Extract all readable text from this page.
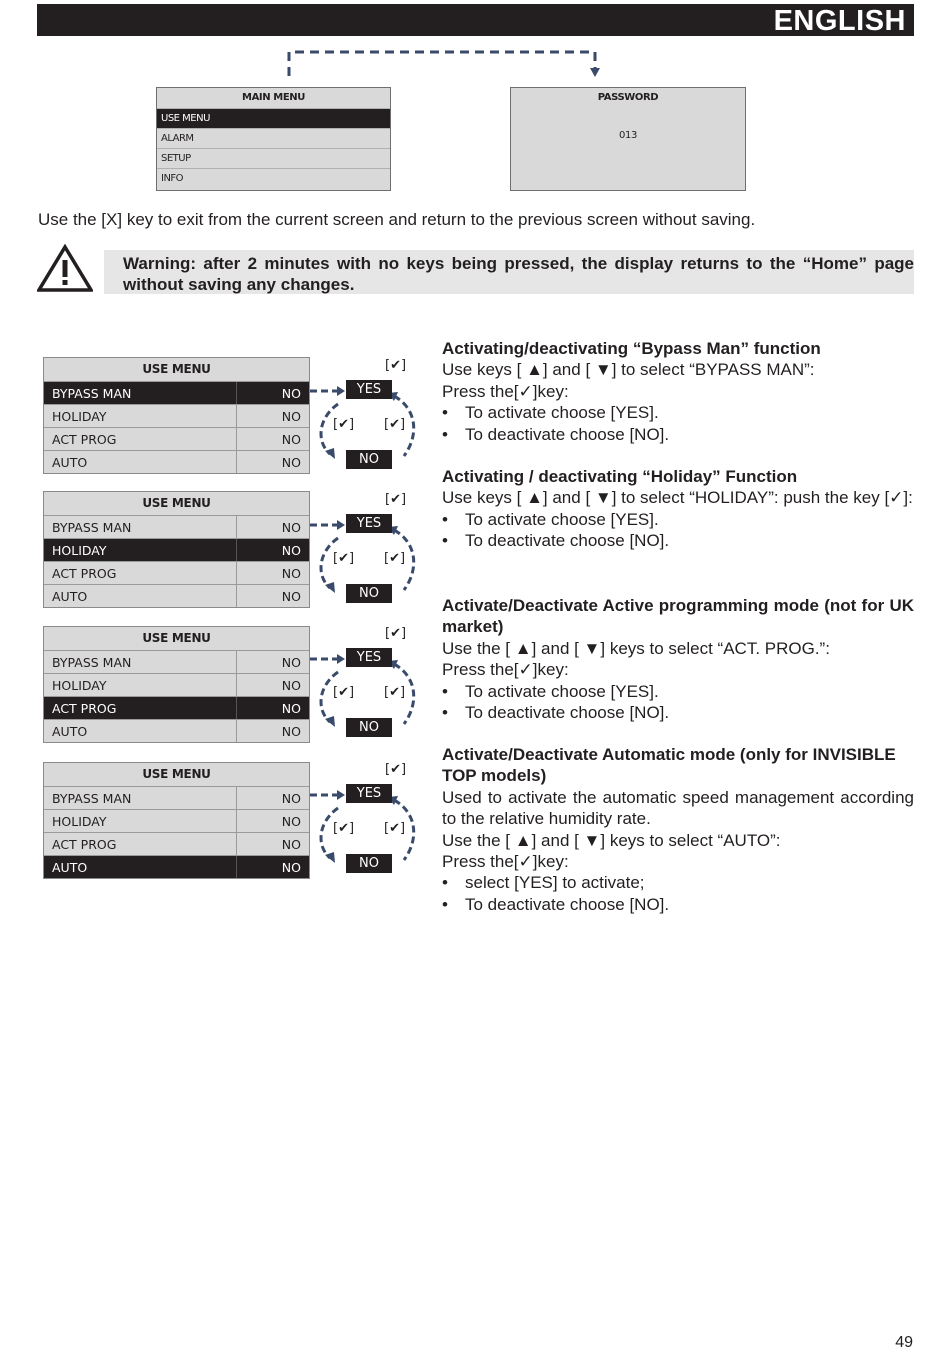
ENGLISH
MAIN MENU
USE MENU
ALARM
SETUP
INFO
PASSWORD
013
Use the [X] key to exit from the current screen and return to the previous screen without saving.

Warning: after 2 minutes with no keys being pressed, the display returns to the “Home” page without saving any changes.

USE MENU
BYPASS MAN	NO
HOLIDAY	NO
ACT PROG	NO
AUTO	NO
USE MENU
BYPASS MAN	NO
HOLIDAY	NO
ACT PROG	NO
AUTO	NO
USE MENU
BYPASS MAN	NO
HOLIDAY	NO
ACT PROG	NO
AUTO	NO
USE MENU
BYPASS MAN	NO
HOLIDAY	NO
ACT PROG	NO
AUTO	NO
[✔]
YES
[✔] [✔]
NO
[✔]
YES
[✔] [✔]
NO
[✔]
YES
[✔] [✔]
NO
[✔]
YES
[✔] [✔]
NO
Activating/deactivating “Bypass Man” function

Use keys [ ▲] and [ ▼] to select “BYPASS MAN”:

Press the[✓]key:

• To activate choose [YES].
• To deactivate choose [NO].
Activating / deactivating “Holiday” Function

Use keys [ ▲] and [ ▼] to select “HOLIDAY”: push the key [✓]:

• To activate choose [YES].
• To deactivate choose [NO].
Activate/Deactivate Active programming mode (not for UK market)

Use the [ ▲] and [ ▼] keys to select “ACT. PROG.”:

Press the[✓]key:

• To activate choose [YES].
• To deactivate choose [NO].
Activate/Deactivate Automatic mode (only for INVISIBLE TOP models)

Used to activate the automatic speed management according to the relative humidity rate.

Use the [ ▲] and [ ▼] keys to select “AUTO”:

Press the[✓]key:

• select [YES] to activate;
• To deactivate choose [NO].
49
